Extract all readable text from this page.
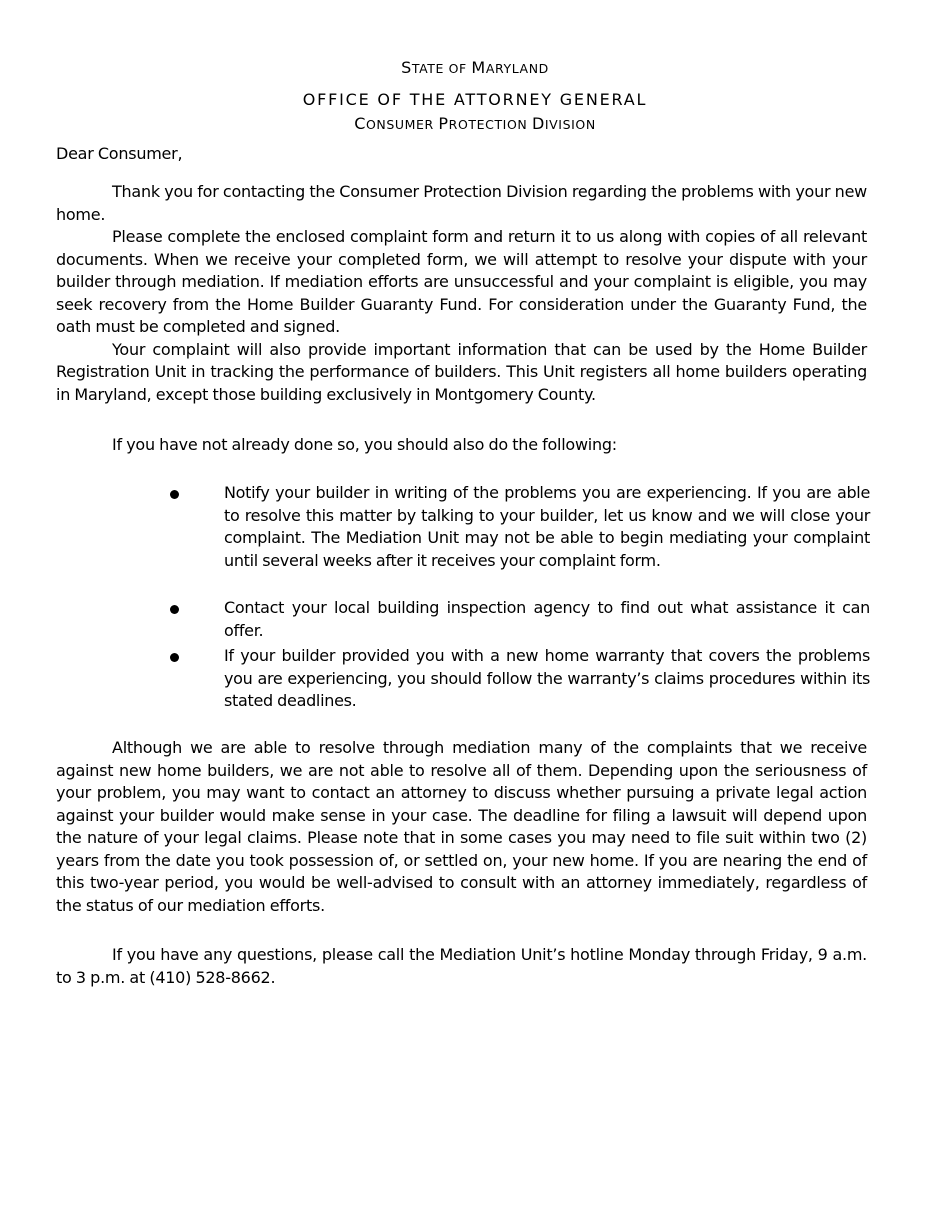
STATE OF MARYLAND
OFFICE OF THE ATTORNEY GENERAL
CONSUMER PROTECTION DIVISION

Dear Consumer,

Thank you for contacting the Consumer Protection Division regarding the problems with your new home.

Please complete the enclosed complaint form and return it to us along with copies of all relevant documents. When we receive your completed form, we will attempt to resolve your dispute with your builder through mediation. If mediation efforts are unsuccessful and your complaint is eligible, you may seek recovery from the Home Builder Guaranty Fund. For consideration under the Guaranty Fund, the oath must be completed and signed.

Your complaint will also provide important information that can be used by the Home Builder Registration Unit in tracking the performance of builders. This Unit registers all home builders operating in Maryland, except those building exclusively in Montgomery County.

If you have not already done so, you should also do the following:

Notify your builder in writing of the problems you are experiencing. If you are able to resolve this matter by talking to your builder, let us know and we will close your complaint. The Mediation Unit may not be able to begin mediating your complaint until several weeks after it receives your complaint form.
Contact your local building inspection agency to find out what assistance it can offer.
If your builder provided you with a new home warranty that covers the problems you are experiencing, you should follow the warranty’s claims procedures within its stated deadlines.

Although we are able to resolve through mediation many of the complaints that we receive against new home builders, we are not able to resolve all of them. Depending upon the seriousness of your problem, you may want to contact an attorney to discuss whether pursuing a private legal action against your builder would make sense in your case. The deadline for filing a lawsuit will depend upon the nature of your legal claims. Please note that in some cases you may need to file suit within two (2) years from the date you took possession of, or settled on, your new home. If you are nearing the end of this two-year period, you would be well-advised to consult with an attorney immediately, regardless of the status of our mediation efforts.

If you have any questions, please call the Mediation Unit’s hotline Monday through Friday, 9 a.m. to 3 p.m. at (410) 528-8662.
